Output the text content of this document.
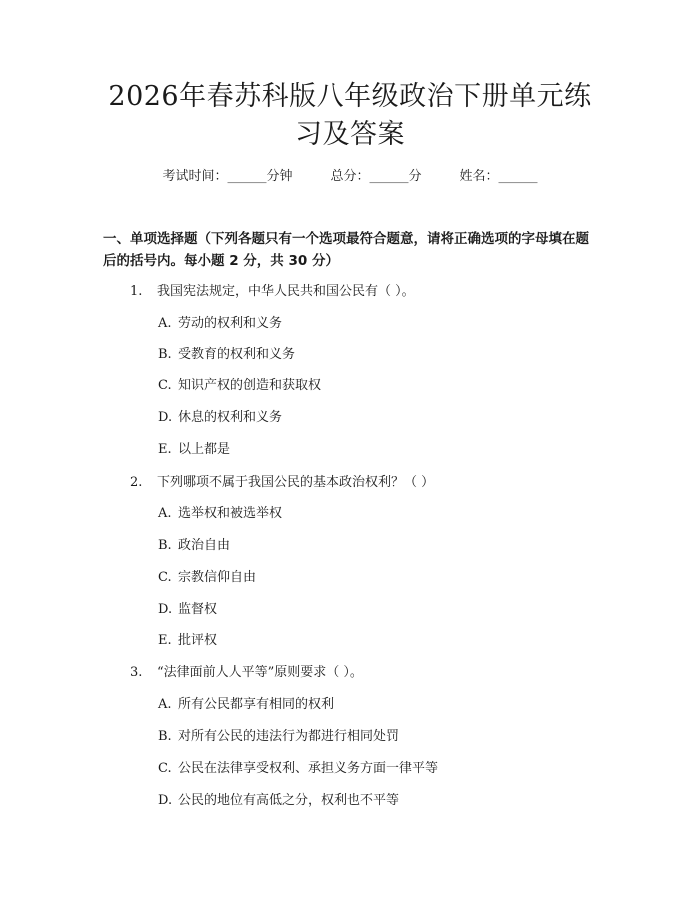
2026年春苏科版八年级政治下册单元练习及答案
考试时间：______分钟	总分：______分	姓名：______
一、单项选择题（下列各题只有一个选项最符合题意，请将正确选项的字母填在题后的括号内。每小题 2 分，共 30 分）
1. 我国宪法规定，中华人民共和国公民有（ ）。
A. 劳动的权利和义务
B. 受教育的权利和义务
C. 知识产权的创造和获取权
D. 休息的权利和义务
E. 以上都是
2. 下列哪项不属于我国公民的基本政治权利？（ ）
A. 选举权和被选举权
B. 政治自由
C. 宗教信仰自由
D. 监督权
E. 批评权
3. “法律面前人人平等”原则要求（ ）。
A. 所有公民都享有相同的权利
B. 对所有公民的违法行为都进行相同处罚
C. 公民在法律享受权利、承担义务方面一律平等
D. 公民的地位有高低之分，权利也不平等
